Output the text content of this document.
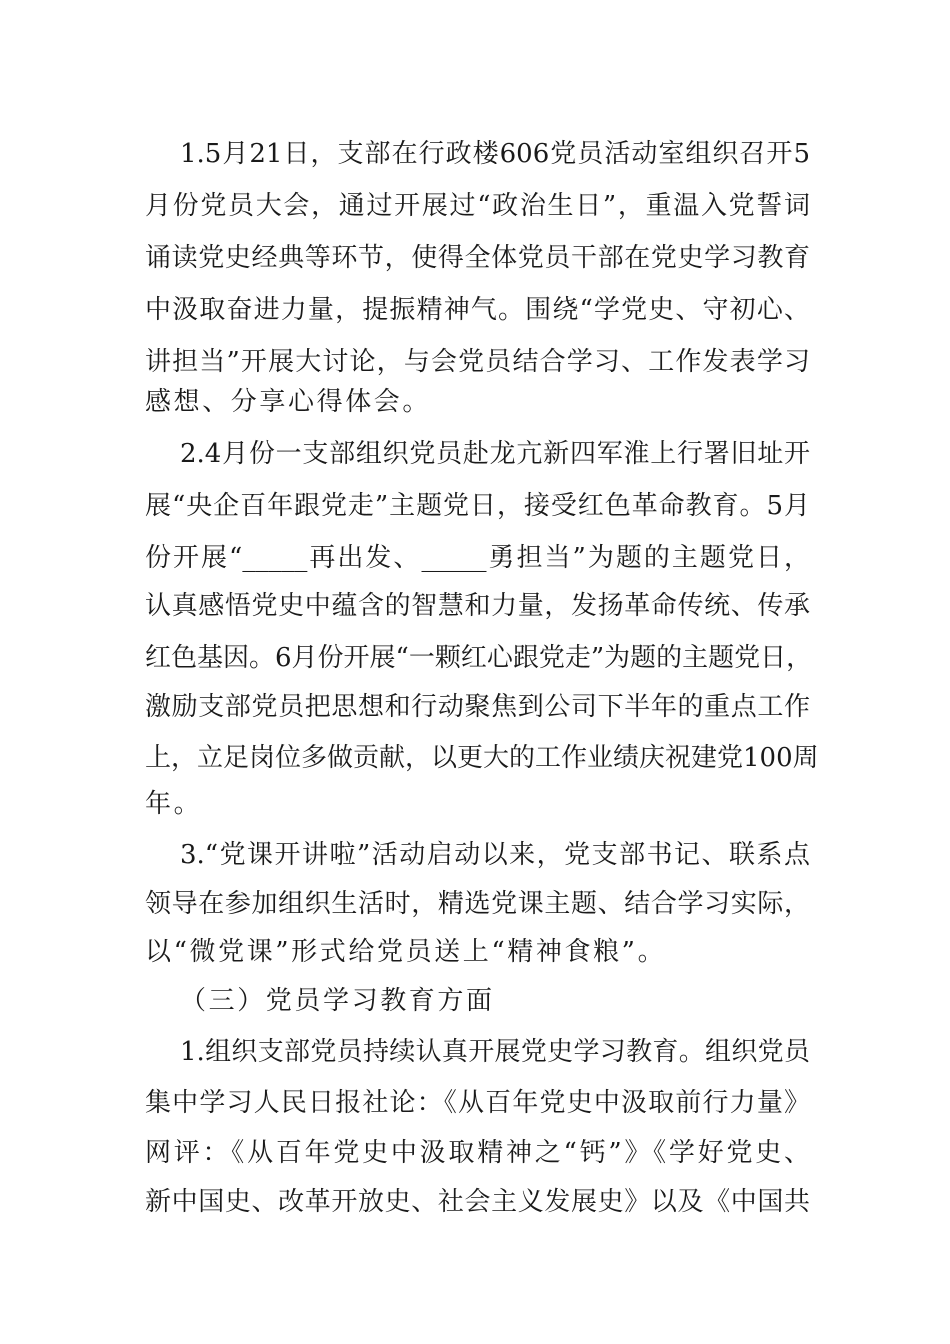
1.5月21日，支部在行政楼606党员活动室组织召开5
月份党员大会，通过开展过“政治生日”，重温入党誓词
诵读党史经典等环节，使得全体党员干部在党史学习教育
中汲取奋进力量，提振精神气。围绕“学党史、守初心、
讲担当”开展大讨论，与会党员结合学习、工作发表学习
感想、分享心得体会。
2.4月份一支部组织党员赴龙亢新四军淮上行署旧址开
展“央企百年跟党走”主题党日，接受红色革命教育。5月
份开展“_____再出发、_____勇担当”为题的主题党日，
认真感悟党史中蕴含的智慧和力量，发扬革命传统、传承
红色基因。6月份开展“一颗红心跟党走”为题的主题党日，
激励支部党员把思想和行动聚焦到公司下半年的重点工作
上，立足岗位多做贡献，以更大的工作业绩庆祝建党100周
年。
3.“党课开讲啦”活动启动以来，党支部书记、联系点
领导在参加组织生活时，精选党课主题、结合学习实际，
以“微党课”形式给党员送上“精神食粮”。
（三）党员学习教育方面
1.组织支部党员持续认真开展党史学习教育。组织党员
集中学习人民日报社论：《从百年党史中汲取前行力量》
网评：《从百年党史中汲取精神之“钙”》《学好党史、
新中国史、改革开放史、社会主义发展史》以及《中国共
